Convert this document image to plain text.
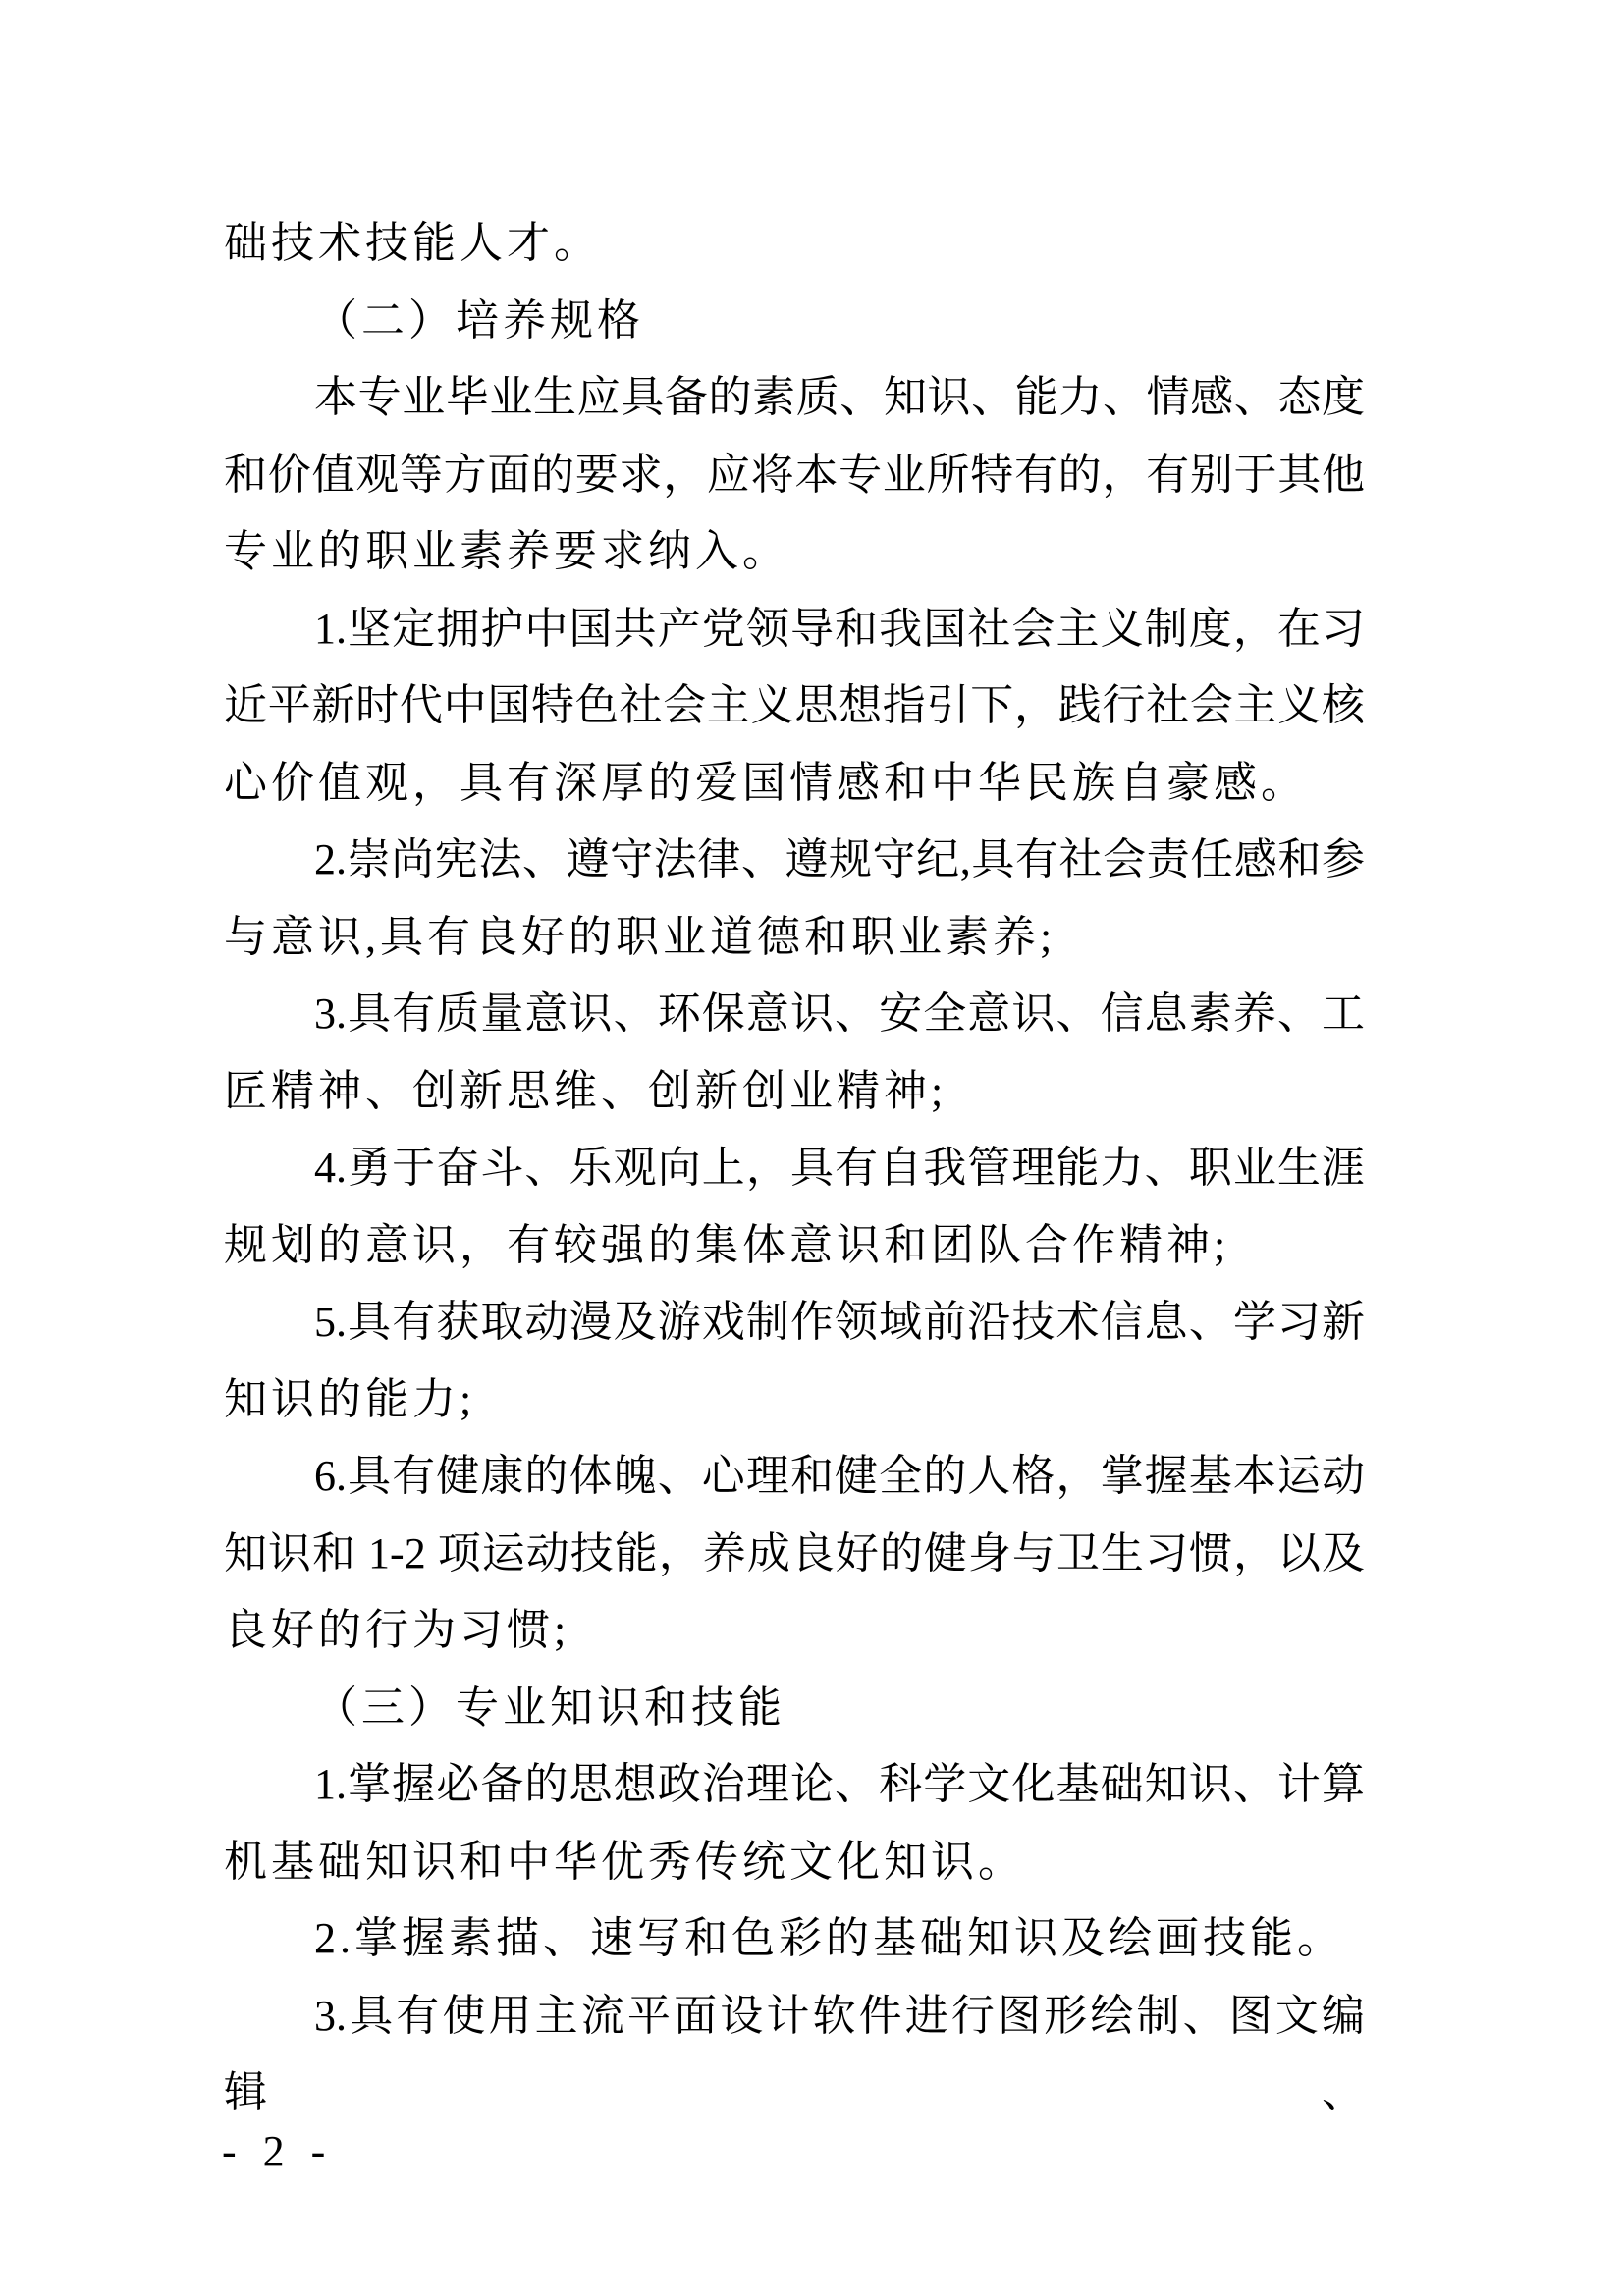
础技术技能人才。
（二）培养规格
本专业毕业生应具备的素质、知识、能力、情感、态度
和价值观等方面的要求，应将本专业所特有的，有别于其他
专业的职业素养要求纳入。
1.坚定拥护中国共产党领导和我国社会主义制度，在习
近平新时代中国特色社会主义思想指引下，践行社会主义核
心价值观，具有深厚的爱国情感和中华民族自豪感。
2.崇尚宪法、遵守法律、遵规守纪,具有社会责任感和参
与意识,具有良好的职业道德和职业素养;
3.具有质量意识、环保意识、安全意识、信息素养、工
匠精神、创新思维、创新创业精神;
4.勇于奋斗、乐观向上，具有自我管理能力、职业生涯
规划的意识，有较强的集体意识和团队合作精神;
5.具有获取动漫及游戏制作领域前沿技术信息、学习新
知识的能力;
6.具有健康的体魄、心理和健全的人格，掌握基本运动
知识和 1-2 项运动技能，养成良好的健身与卫生习惯，以及
良好的行为习惯;
（三）专业知识和技能
1.掌握必备的思想政治理论、科学文化基础知识、计算
机基础知识和中华优秀传统文化知识。
2.掌握素描、速写和色彩的基础知识及绘画技能。
3.具有使用主流平面设计软件进行图形绘制、图文编辑、
- 2 -
